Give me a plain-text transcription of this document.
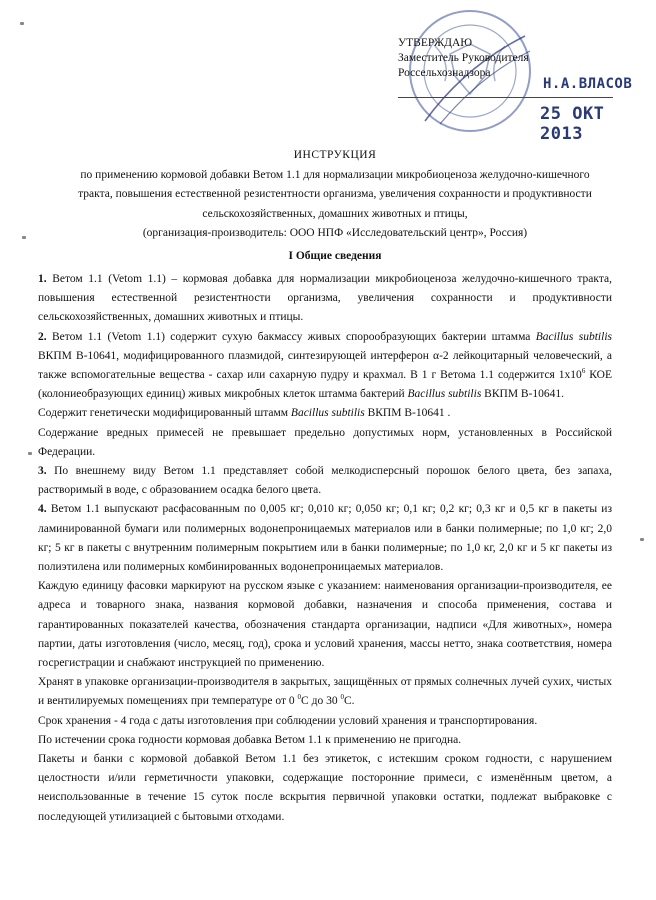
УТВЕРЖДАЮ
Заместитель Руководителя
Россельхознадзора
Н.А.ВЛАСОВ
25 ОКТ 2013
ИНСТРУКЦИЯ
по применению кормовой добавки Ветом 1.1 для нормализации микробиоценоза желудочно-кишечного
тракта, повышения естественной резистентности организма, увеличения сохранности и продуктивности
сельскохозяйственных, домашних животных и птицы,
(организация-производитель: ООО НПФ «Исследовательский центр», Россия)
I Общие сведения

1. Ветом 1.1 (Vetom 1.1) – кормовая добавка для нормализации микробиоценоза желудочно-кишечного тракта, повышения естественной резистентности организма, увеличения сохранности и продуктивности сельскохозяйственных, домашних животных и птицы.

2. Ветом 1.1 (Vetom 1.1) содержит сухую бакмассу живых спорообразующих бактерии штамма Bacillus subtilis ВКПМ В-10641, модифицированного плазмидой, синтезирующей интерферон α-2 лейкоцитарный человеческий, а также вспомогательные вещества - сахар или сахарную пудру и крахмал. В 1 г Ветома 1.1 содержится $1х10^6$ КОЕ (колониеобразующих единиц) живых микробных клеток штамма бактерий Bacillus subtilis ВКПМ В-10641.

Содержит генетически модифицированный штамм Bacillus subtilis ВКПМ В-10641 .

Содержание вредных примесей не превышает предельно допустимых норм, установленных в Российской Федерации.

3. По внешнему виду Ветом 1.1 представляет собой мелкодисперсный порошок белого цвета, без запаха, растворимый в воде, с образованием осадка белого цвета.

4. Ветом 1.1 выпускают расфасованным по 0,005 кг; 0,010 кг; 0,050 кг; 0,1 кг; 0,2 кг; 0,3 кг и 0,5 кг в пакеты из ламинированной бумаги или полимерных водонепроницаемых материалов или в банки полимерные; по 1,0 кг; 2,0 кг; 5 кг в пакеты с внутренним полимерным покрытием или в банки полимерные; по 1,0 кг, 2,0 кг и 5 кг пакеты из полиэтилена или полимерных комбинированных водонепроницаемых материалов.

Каждую единицу фасовки маркируют на русском языке с указанием: наименования организации-производителя, ее адреса и товарного знака, названия кормовой добавки, назначения и способа применения, состава и гарантированных показателей качества, обозначения стандарта организации, надписи «Для животных», номера партии, даты изготовления (число, месяц, год), срока и условий хранения, массы нетто, знака соответствия, номера госрегистрации и снабжают инструкцией по применению.

Хранят в упаковке организации-производителя в закрытых, защищённых от прямых солнечных лучей сухих, чистых и вентилируемых помещениях при температуре от 0 $^0$С до 30 $^0$С.

Срок хранения - 4 года с даты изготовления при соблюдении условий хранения и транспортирования.

По истечении срока годности кормовая добавка Ветом 1.1 к применению не пригодна.

Пакеты и банки с кормовой добавкой Ветом 1.1 без этикеток, с истекшим сроком годности, с нарушением целостности и/или герметичности упаковки, содержащие посторонние примеси, с изменённым цветом, а неиспользованные в течение 15 суток после вскрытия первичной упаковки остатки, подлежат выбраковке с последующей утилизацией с бытовыми отходами.
